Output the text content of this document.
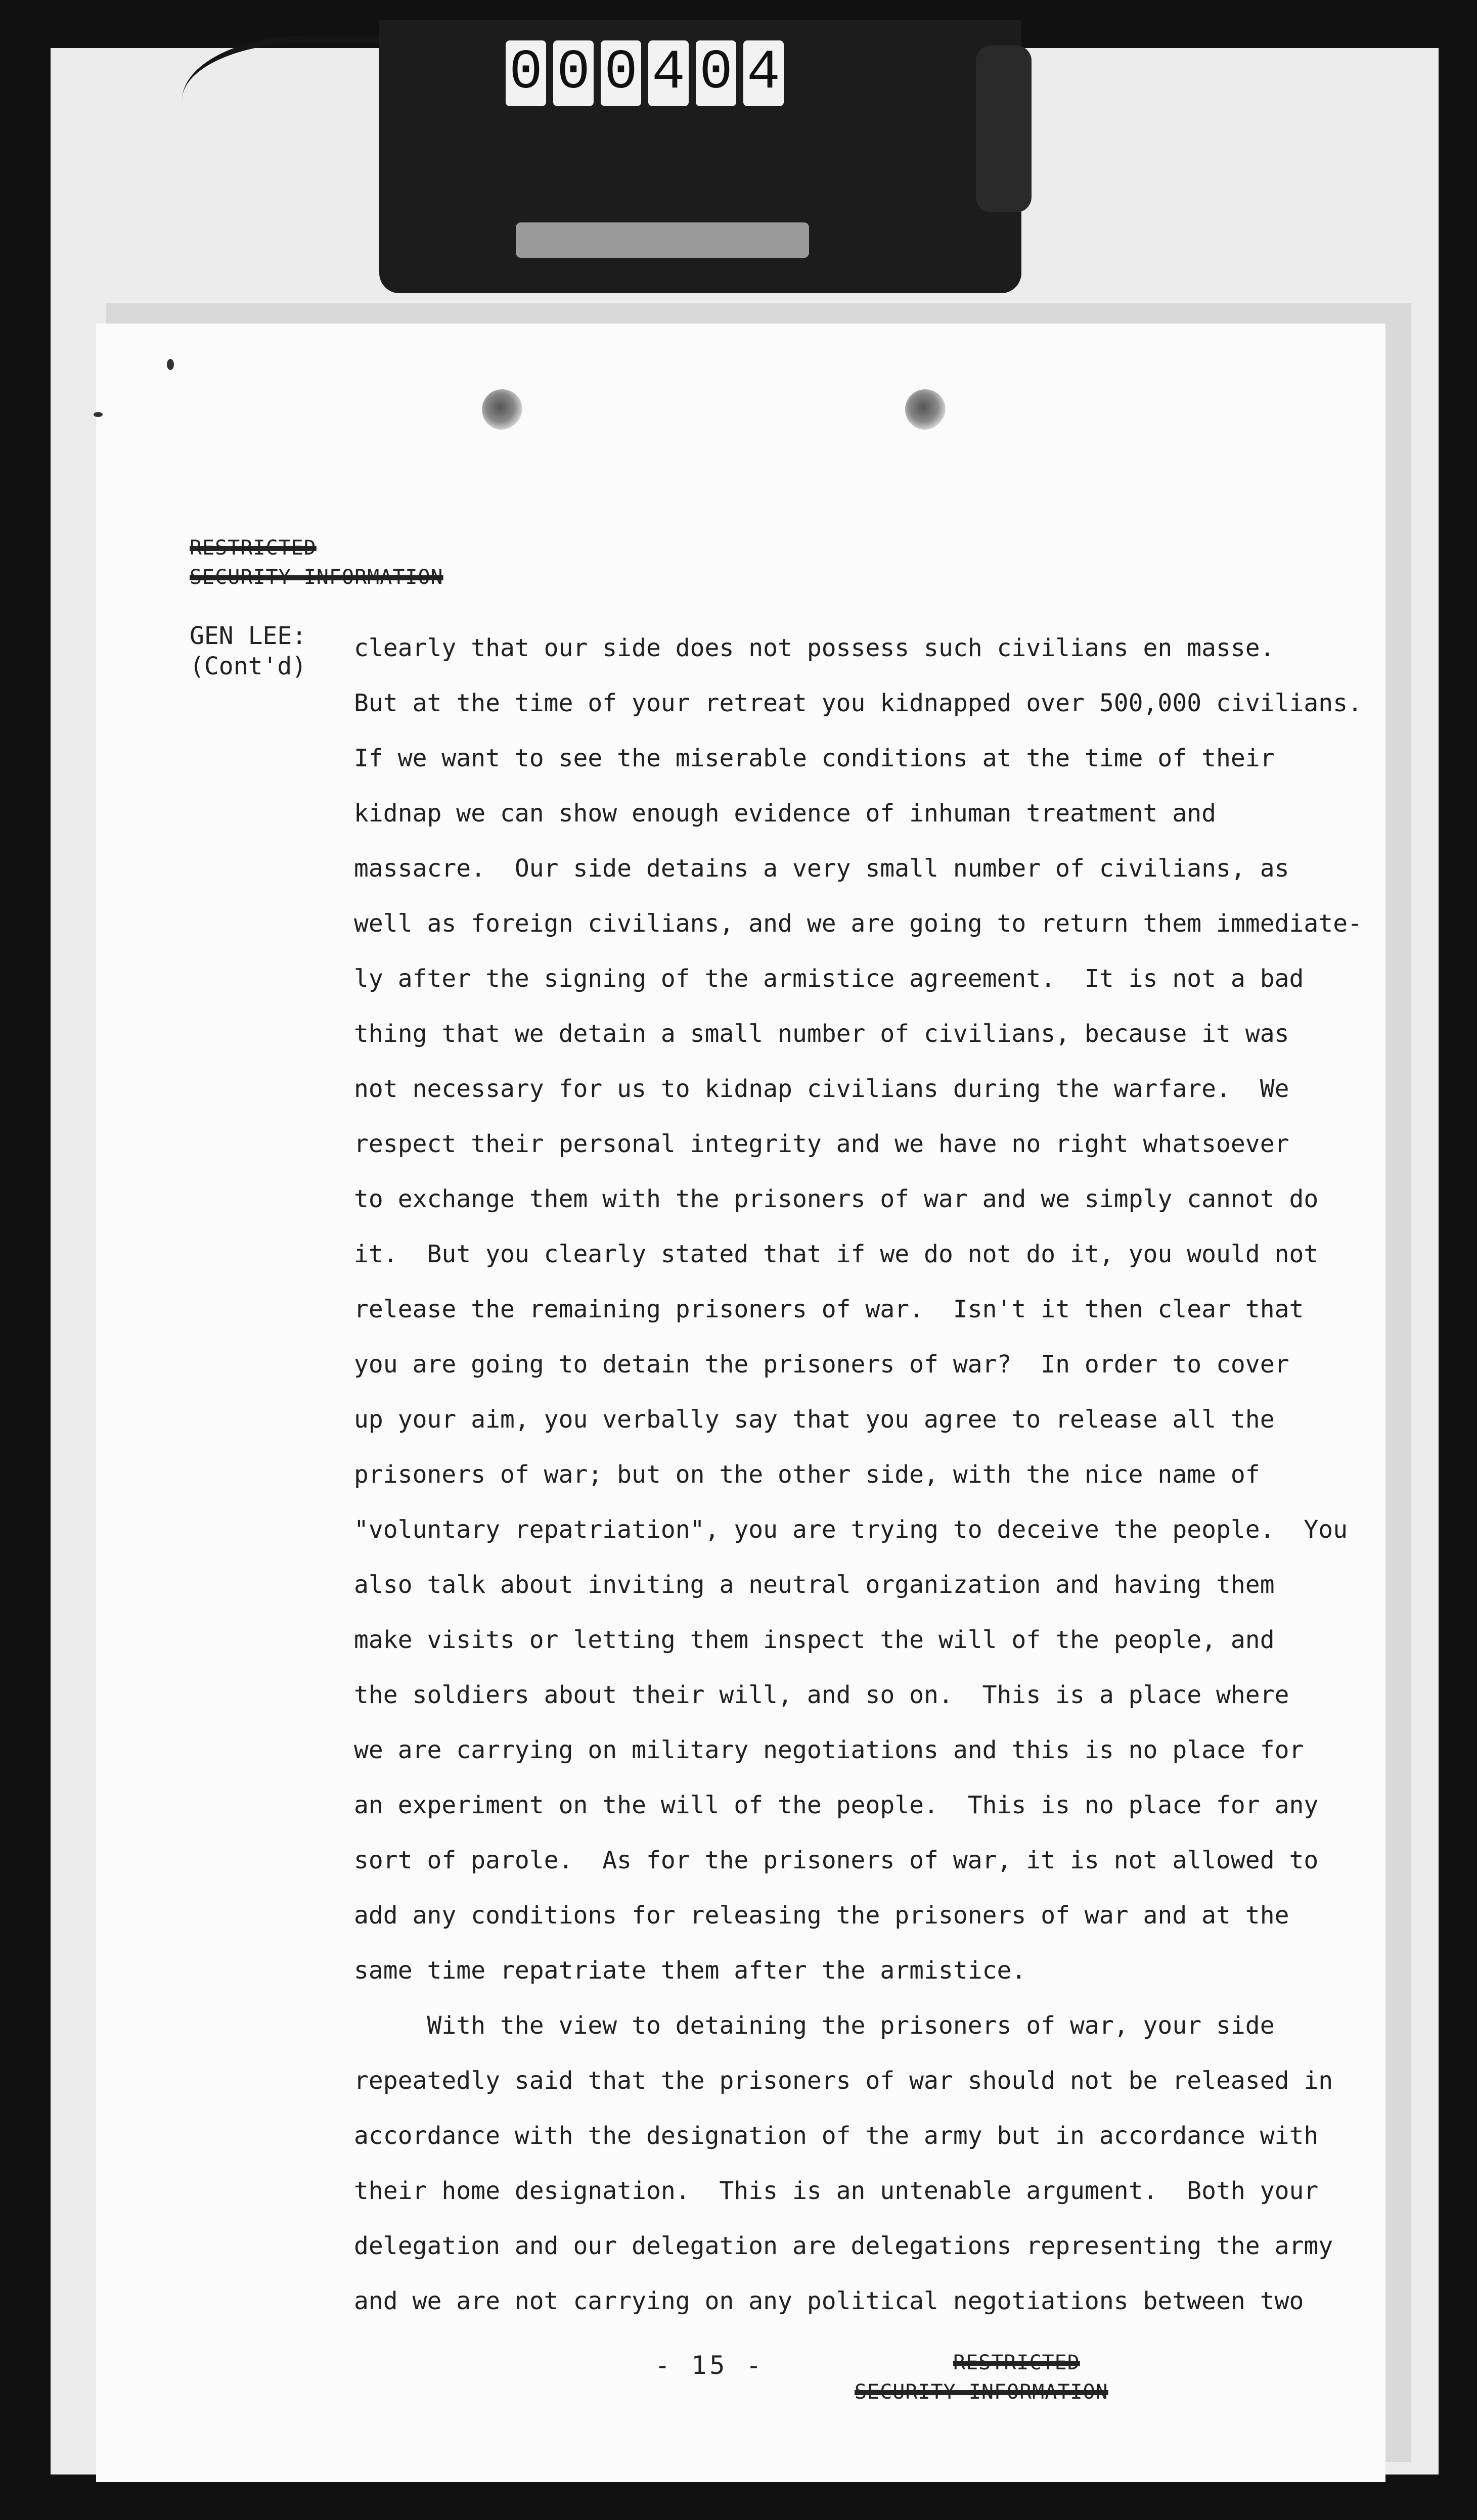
0 0 0 4 0 4
RESTRICTED
SECURITY INFORMATION
GEN LEE:
(Cont'd)
clearly that our side does not possess such civilians en masse.
But at the time of your retreat you kidnapped over 500,000 civilians.
If we want to see the miserable conditions at the time of their
kidnap we can show enough evidence of inhuman treatment and
massacre.  Our side detains a very small number of civilians, as
well as foreign civilians, and we are going to return them immediate-
ly after the signing of the armistice agreement.  It is not a bad
thing that we detain a small number of civilians, because it was
not necessary for us to kidnap civilians during the warfare.  We
respect their personal integrity and we have no right whatsoever
to exchange them with the prisoners of war and we simply cannot do
it.  But you clearly stated that if we do not do it, you would not
release the remaining prisoners of war.  Isn't it then clear that
you are going to detain the prisoners of war?  In order to cover
up your aim, you verbally say that you agree to release all the
prisoners of war; but on the other side, with the nice name of
"voluntary repatriation", you are trying to deceive the people.  You
also talk about inviting a neutral organization and having them
make visits or letting them inspect the will of the people, and
the soldiers about their will, and so on.  This is a place where
we are carrying on military negotiations and this is no place for
an experiment on the will of the people.  This is no place for any
sort of parole.  As for the prisoners of war, it is not allowed to
add any conditions for releasing the prisoners of war and at the
same time repatriate them after the armistice.
With the view to detaining the prisoners of war, your side
repeatedly said that the prisoners of war should not be released in
accordance with the designation of the army but in accordance with
their home designation.  This is an untenable argument.  Both your
delegation and our delegation are delegations representing the army
and we are not carrying on any political negotiations between two
- 15 -	RESTRICTED
SECURITY INFORMATION
